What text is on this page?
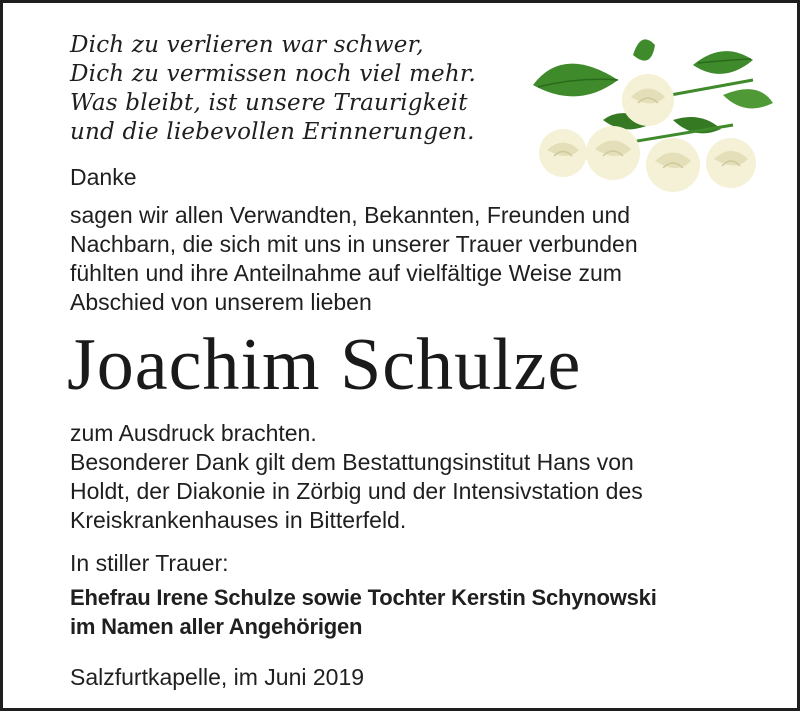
Dich zu verlieren war schwer,
Dich zu vermissen noch viel mehr.
Was bleibt, ist unsere Traurigkeit
und die liebevollen Erinnerungen.
Danke
sagen wir allen Verwandten, Bekannten, Freunden und
Nachbarn, die sich mit uns in unserer Trauer verbunden
fühlten und ihre Anteilnahme auf vielfältige Weise zum
Abschied von unserem lieben
Joachim Schulze
zum Ausdruck brachten.
Besonderer Dank gilt dem Bestattungsinstitut Hans von
Holdt, der Diakonie in Zörbig und der Intensivstation des
Kreiskrankenhauses in Bitterfeld.
In stiller Trauer:
Ehefrau Irene Schulze sowie Tochter Kerstin Schynowski
im Namen aller Angehörigen
Salzfurtkapelle, im Juni 2019
